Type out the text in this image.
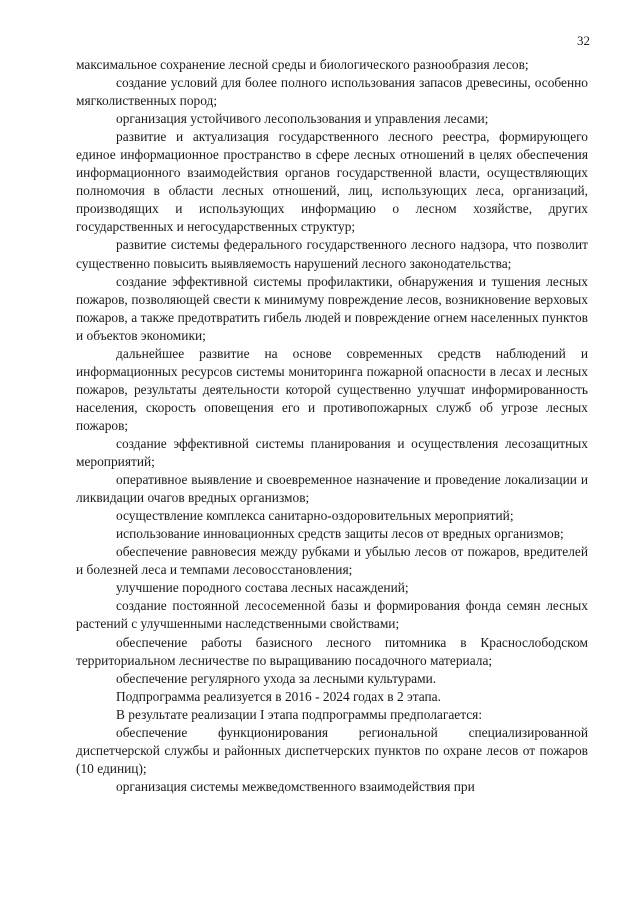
32

максимальное сохранение лесной среды и биологического разнообразия лесов;

создание условий для более полного использования запасов древесины, особенно мягколиственных пород;

организация устойчивого лесопользования и управления лесами;

развитие и актуализация государственного лесного реестра, формирующего единое информационное пространство в сфере лесных отношений в целях обеспечения информационного взаимодействия органов государственной власти, осуществляющих полномочия в области лесных отношений, лиц, использующих леса, организаций, производящих и использующих информацию о лесном хозяйстве, других государственных и негосударственных структур;

развитие системы федерального государственного лесного надзора, что позволит существенно повысить выявляемость нарушений лесного законодательства;

создание эффективной системы профилактики, обнаружения и тушения лесных пожаров, позволяющей свести к минимуму повреждение лесов, возникновение верховых пожаров, а также предотвратить гибель людей и повреждение огнем населенных пунктов и объектов экономики;

дальнейшее развитие на основе современных средств наблюдений и информационных ресурсов системы мониторинга пожарной опасности в лесах и лесных пожаров, результаты деятельности которой существенно улучшат информированность населения, скорость оповещения его и противопожарных служб об угрозе лесных пожаров;

создание эффективной системы планирования и осуществления лесозащитных мероприятий;

оперативное выявление и своевременное назначение и проведение локализации и ликвидации очагов вредных организмов;

осуществление комплекса санитарно-оздоровительных мероприятий;

использование инновационных средств защиты лесов от вредных организмов;

обеспечение равновесия между рубками и убылью лесов от пожаров, вредителей и болезней леса и темпами лесовосстановления;

улучшение породного состава лесных насаждений;

создание постоянной лесосеменной базы и формирования фонда семян лесных растений с улучшенными наследственными свойствами;

обеспечение работы базисного лесного питомника в Краснослободском территориальном лесничестве по выращиванию посадочного материала;

обеспечение регулярного ухода за лесными культурами.

Подпрограмма реализуется в 2016 - 2024 годах в 2 этапа.

В результате реализации I этапа подпрограммы предполагается:

обеспечение функционирования региональной специализированной диспетчерской службы и районных диспетчерских пунктов по охране лесов от пожаров (10 единиц);

организация системы межведомственного взаимодействия при
